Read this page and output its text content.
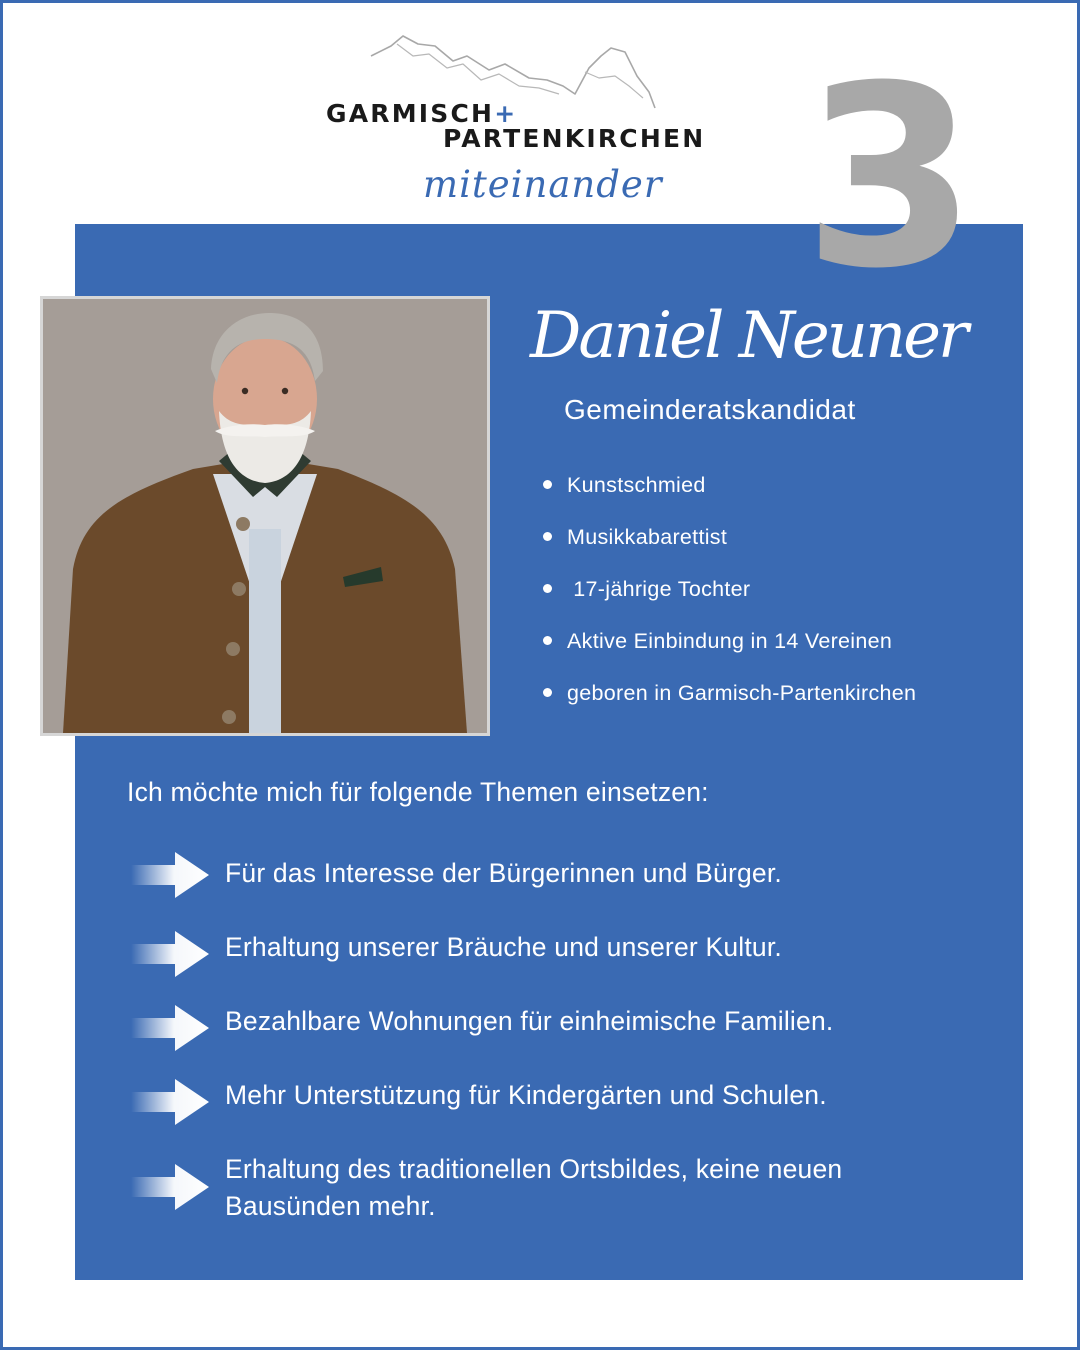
GARMISCH+
PARTENKIRCHEN
miteinander 3
Daniel Neuner
Gemeinderatskandidat
Kunstschmied
Musikkabarettist
17-jährige Tochter
Aktive Einbindung in 14 Vereinen
geboren in Garmisch-Partenkirchen
Ich möchte mich für folgende Themen einsetzen:
Für das Interesse der Bürgerinnen und Bürger.
Erhaltung unserer Bräuche und unserer Kultur.
Bezahlbare Wohnungen für einheimische Familien.
Mehr Unterstützung für Kindergärten und Schulen.
Erhaltung des traditionellen Ortsbildes, keine neuen Bausünden mehr.
